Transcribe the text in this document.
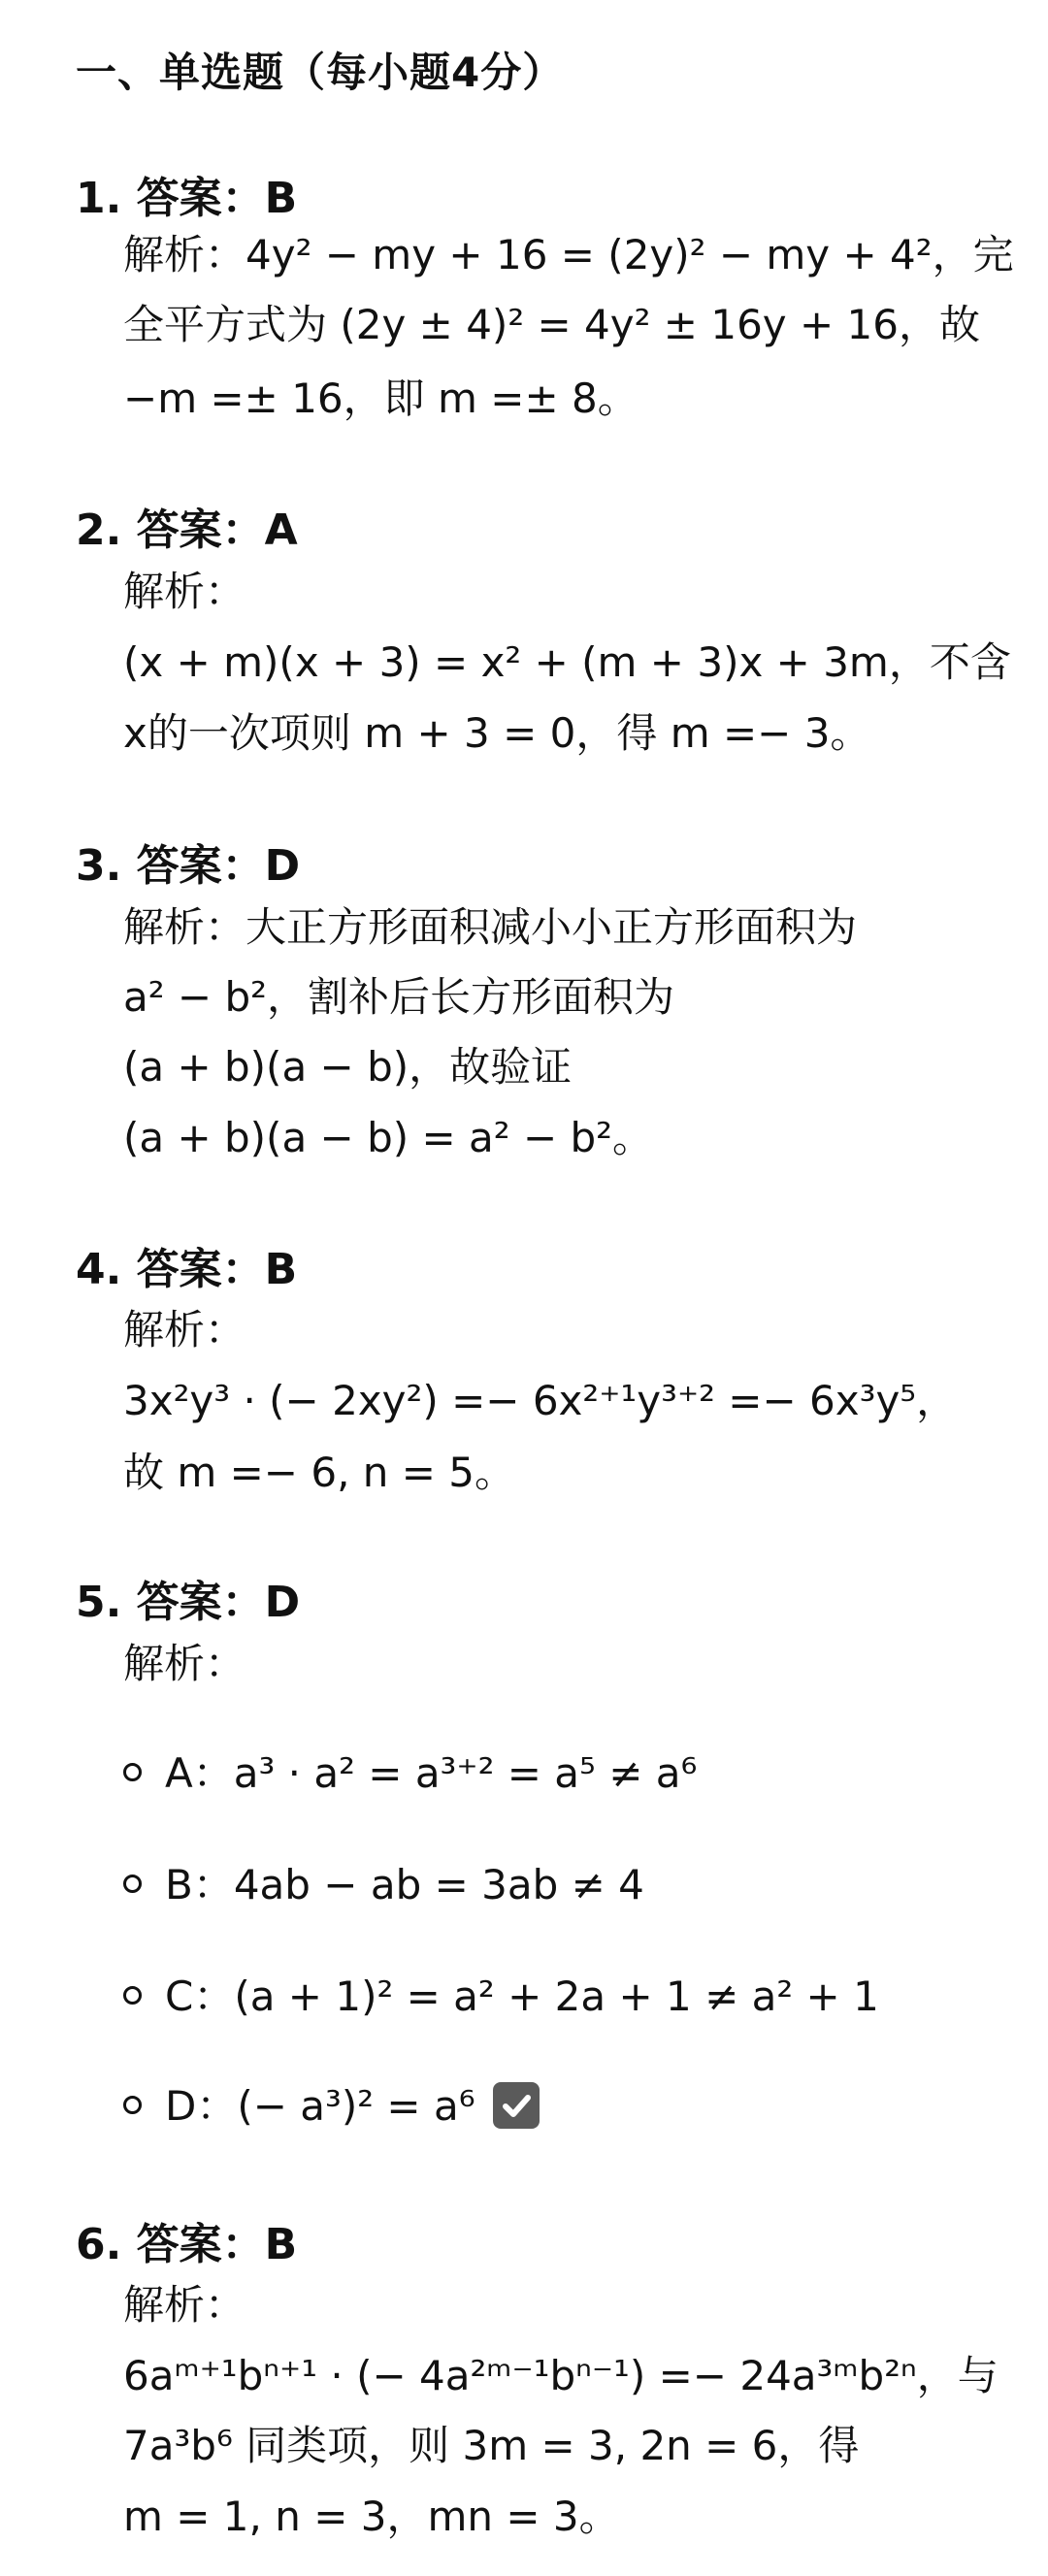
一、单选题（每小题4分）
1. 答案：B
解析：4y² − my + 16 = (2y)² − my + 4²，完
全平方式为 (2y ± 4)² = 4y² ± 16y + 16，故
−m =± 16，即 m =± 8。
2. 答案：A
解析：
(x + m)(x + 3) = x² + (m + 3)x + 3m，不含
x的一次项则 m + 3 = 0，得 m =− 3。
3. 答案：D
解析：大正方形面积减小小正方形面积为
a² − b²，割补后长方形面积为
(a + b)(a − b)，故验证
(a + b)(a − b) = a² − b²。
4. 答案：B
解析：
3x²y³ · (− 2xy²) =− 6x²⁺¹y³⁺² =− 6x³y⁵，
故 m =− 6, n = 5。
5. 答案：D
解析：
A：a³ · a² = a³⁺² = a⁵ ≠ a⁶
B：4ab − ab = 3ab ≠ 4
C：(a + 1)² = a² + 2a + 1 ≠ a² + 1
D：(− a³)² = a⁶
6. 答案：B
解析：
6aᵐ⁺¹bⁿ⁺¹ · (− 4a²ᵐ⁻¹bⁿ⁻¹) =− 24a³ᵐb²ⁿ，与
7a³b⁶ 同类项，则 3m = 3, 2n = 6，得
m = 1, n = 3，mn = 3。
